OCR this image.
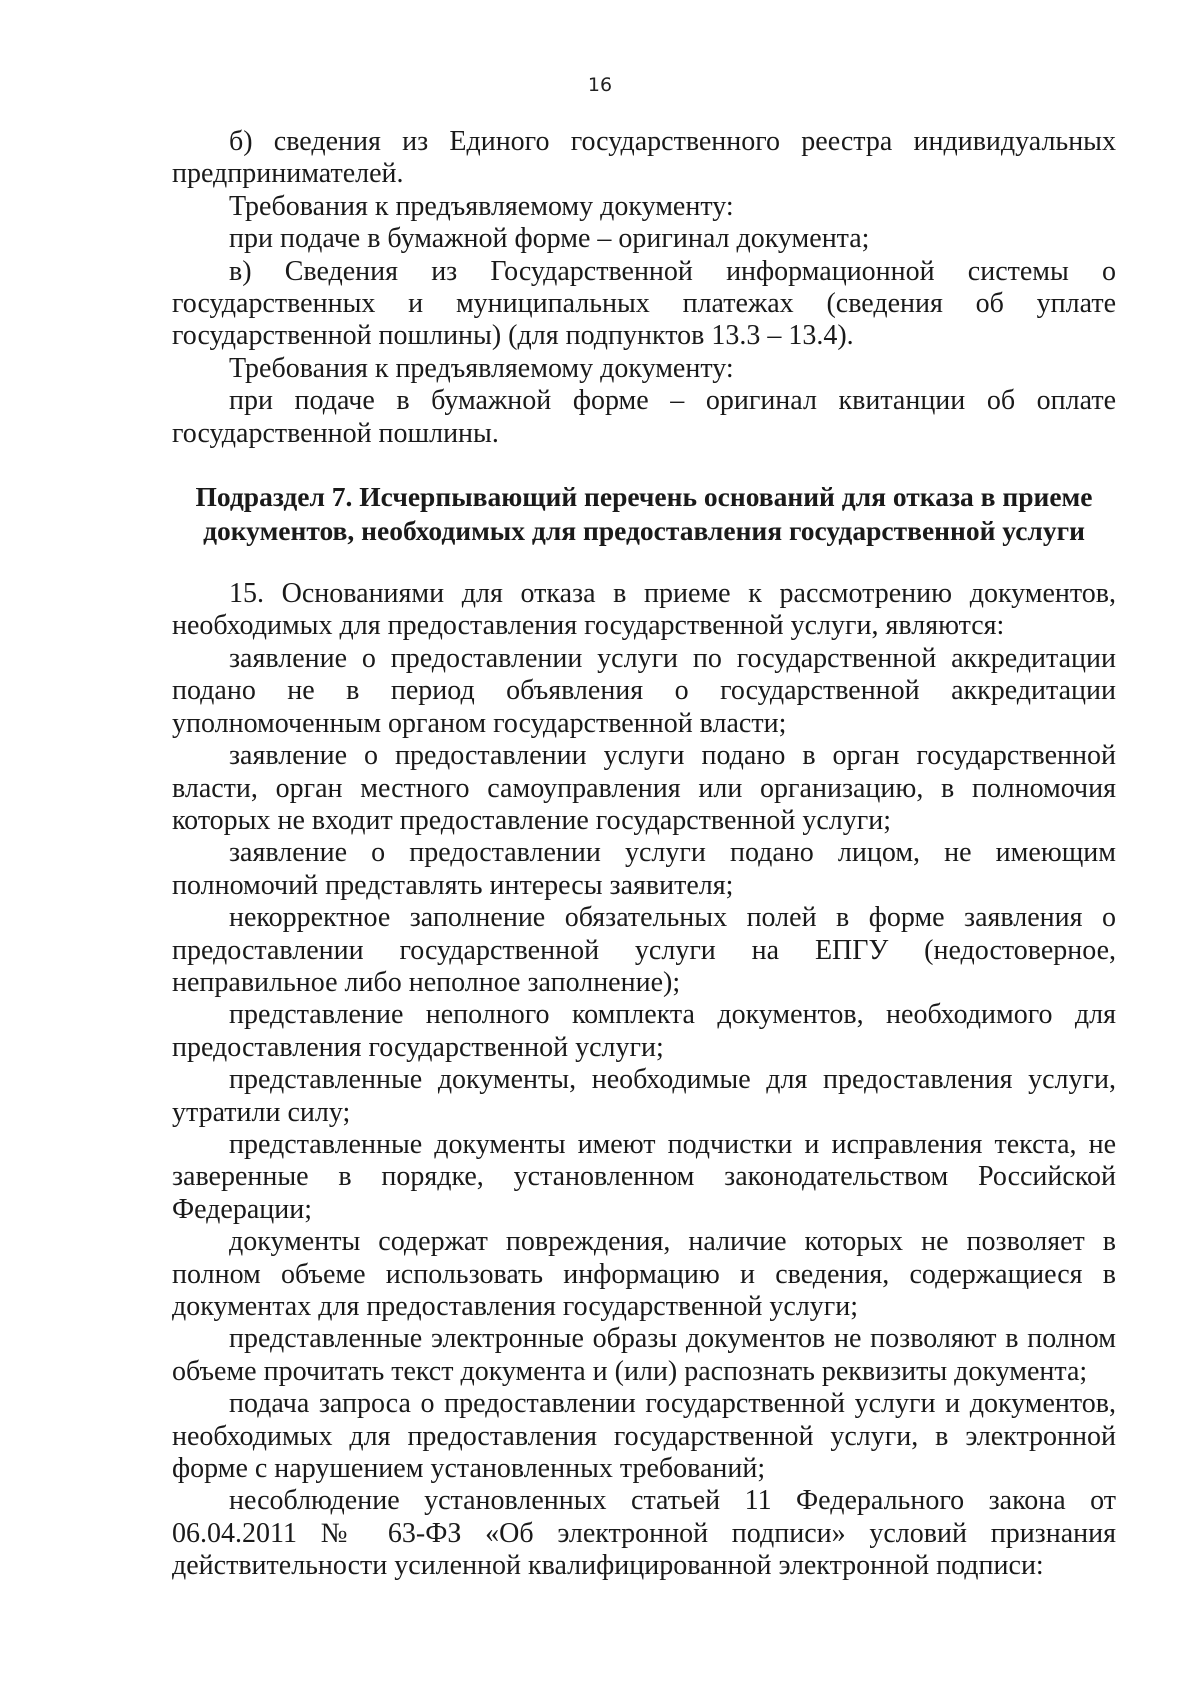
16

б) сведения из Единого государственного реестра индивидуальных предпринимателей.

Требования к предъявляемому документу:

при подаче в бумажной форме – оригинал документа;

в) Сведения из Государственной информационной системы о государственных и муниципальных платежах (сведения об уплате государственной пошлины) (для подпунктов 13.3 – 13.4).

Требования к предъявляемому документу:

при подаче в бумажной форме – оригинал квитанции об оплате государственной пошлины.

Подраздел 7. Исчерпывающий перечень оснований для отказа в приеме
документов, необходимых для предоставления государственной услуги

15. Основаниями для отказа в приеме к рассмотрению документов, необходимых для предоставления государственной услуги, являются:

заявление о предоставлении услуги по государственной аккредитации подано не в период объявления о государственной аккредитации уполномоченным органом государственной власти;

заявление о предоставлении услуги подано в орган государственной власти, орган местного самоуправления или организацию, в полномочия которых не входит предоставление государственной услуги;

заявление о предоставлении услуги подано лицом, не имеющим полномочий представлять интересы заявителя;

некорректное заполнение обязательных полей в форме заявления о предоставлении государственной услуги на ЕПГУ (недостоверное, неправильное либо неполное заполнение);

представление неполного комплекта документов, необходимого для предоставления государственной услуги;

представленные документы, необходимые для предоставления услуги, утратили силу;

представленные документы имеют подчистки и исправления текста, не заверенные в порядке, установленном законодательством Российской Федерации;

документы содержат повреждения, наличие которых не позволяет в полном объеме использовать информацию и сведения, содержащиеся в документах для предоставления государственной услуги;

представленные электронные образы документов не позволяют в полном объеме прочитать текст документа и (или) распознать реквизиты документа;

подача запроса о предоставлении государственной услуги и документов, необходимых для предоставления государственной услуги, в электронной форме с нарушением установленных требований;

несоблюдение установленных статьей 11 Федерального закона от 06.04.2011 № 63-ФЗ «Об электронной подписи» условий признания действительности усиленной квалифицированной электронной подписи:
